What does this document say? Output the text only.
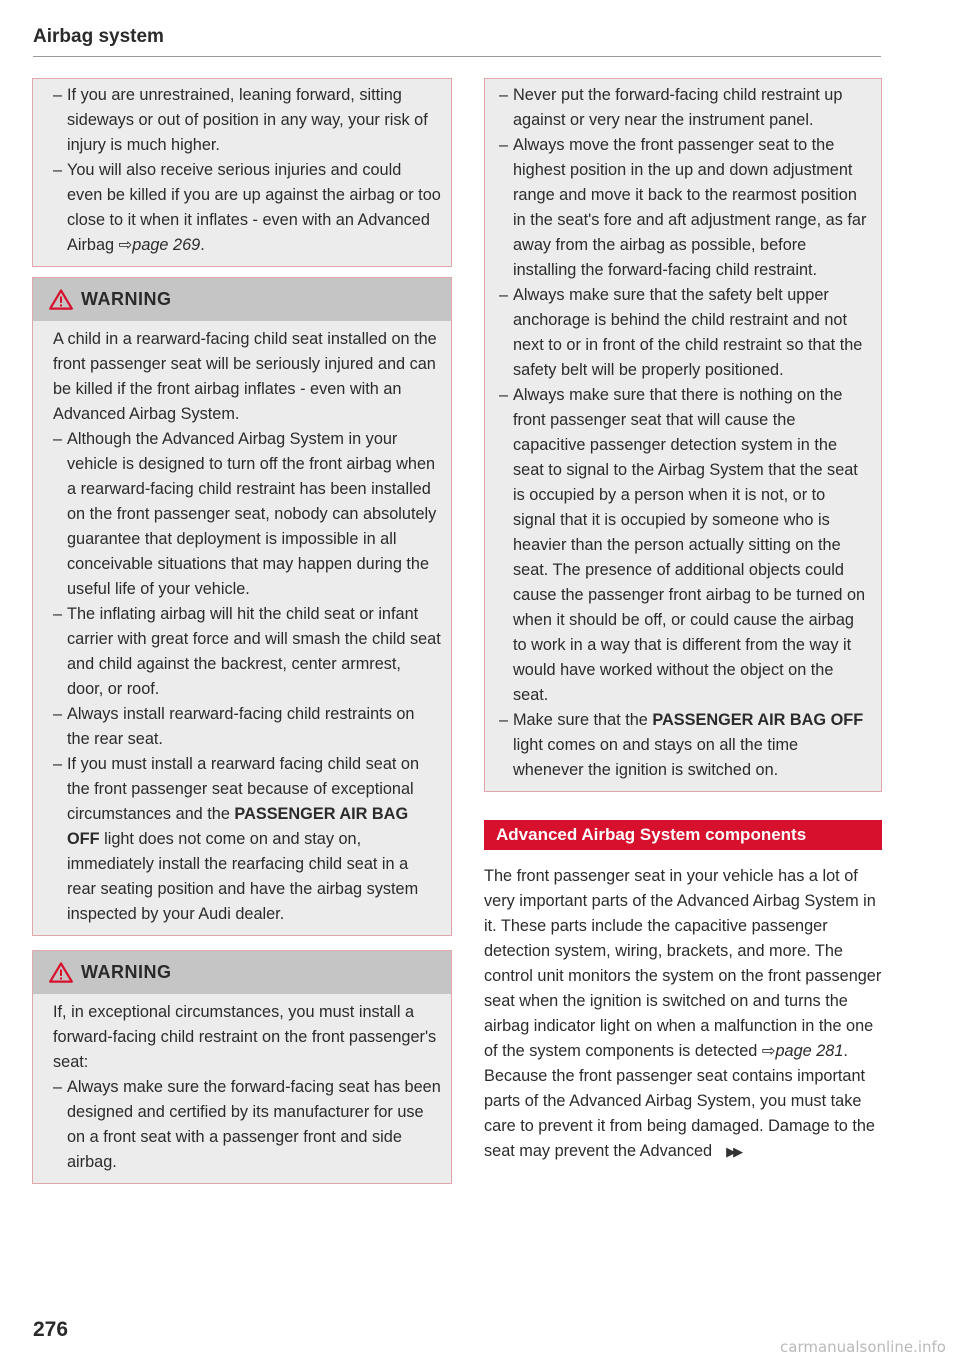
Airbag system
– If you are unrestrained, leaning forward, sitting sideways or out of position in any way, your risk of injury is much higher.
– You will also receive serious injuries and could even be killed if you are up against the airbag or too close to it when it inflates - even with an Advanced Airbag ⇨page 269.
WARNING

A child in a rearward-facing child seat installed on the front passenger seat will be seriously injured and can be killed if the front airbag inflates - even with an Advanced Airbag System.

– Although the Advanced Airbag System in your vehicle is designed to turn off the front airbag when a rearward-facing child restraint has been installed on the front passenger seat, nobody can absolutely guarantee that deployment is impossible in all conceivable situations that may happen during the useful life of your vehicle.
– The inflating airbag will hit the child seat or infant carrier with great force and will smash the child seat and child against the backrest, center armrest, door, or roof.
– Always install rearward-facing child restraints on the rear seat.
– If you must install a rearward facing child seat on the front passenger seat because of exceptional circumstances and the PASSENGER AIR BAG OFF light does not come on and stay on, immediately install the rearfacing child seat in a rear seating position and have the airbag system inspected by your Audi dealer.
WARNING

If, in exceptional circumstances, you must install a forward-facing child restraint on the front passenger's seat:

– Always make sure the forward-facing seat has been designed and certified by its manufacturer for use on a front seat with a passenger front and side airbag.
– Never put the forward-facing child restraint up against or very near the instrument panel.
– Always move the front passenger seat to the highest position in the up and down adjustment range and move it back to the rearmost position in the seat's fore and aft adjustment range, as far away from the airbag as possible, before installing the forward-facing child restraint.
– Always make sure that the safety belt upper anchorage is behind the child restraint and not next to or in front of the child restraint so that the safety belt will be properly positioned.
– Always make sure that there is nothing on the front passenger seat that will cause the capacitive passenger detection system in the seat to signal to the Airbag System that the seat is occupied by a person when it is not, or to signal that it is occupied by someone who is heavier than the person actually sitting on the seat. The presence of additional objects could cause the passenger front airbag to be turned on when it should be off, or could cause the airbag to work in a way that is different from the way it would have worked without the object on the seat.
– Make sure that the PASSENGER AIR BAG OFF light comes on and stays on all the time whenever the ignition is switched on.
Advanced Airbag System components

The front passenger seat in your vehicle has a lot of very important parts of the Advanced Airbag System in it. These parts include the capacitive passenger detection system, wiring, brackets, and more. The control unit monitors the system on the front passenger seat when the ignition is switched on and turns the airbag indicator light on when a malfunction in the one of the system components is detected ⇨page 281. Because the front passenger seat contains important parts of the Advanced Airbag System, you must take care to prevent it from being damaged. Damage to the seat may prevent the Advanced ▶▶

276
carmanualsonline.info
